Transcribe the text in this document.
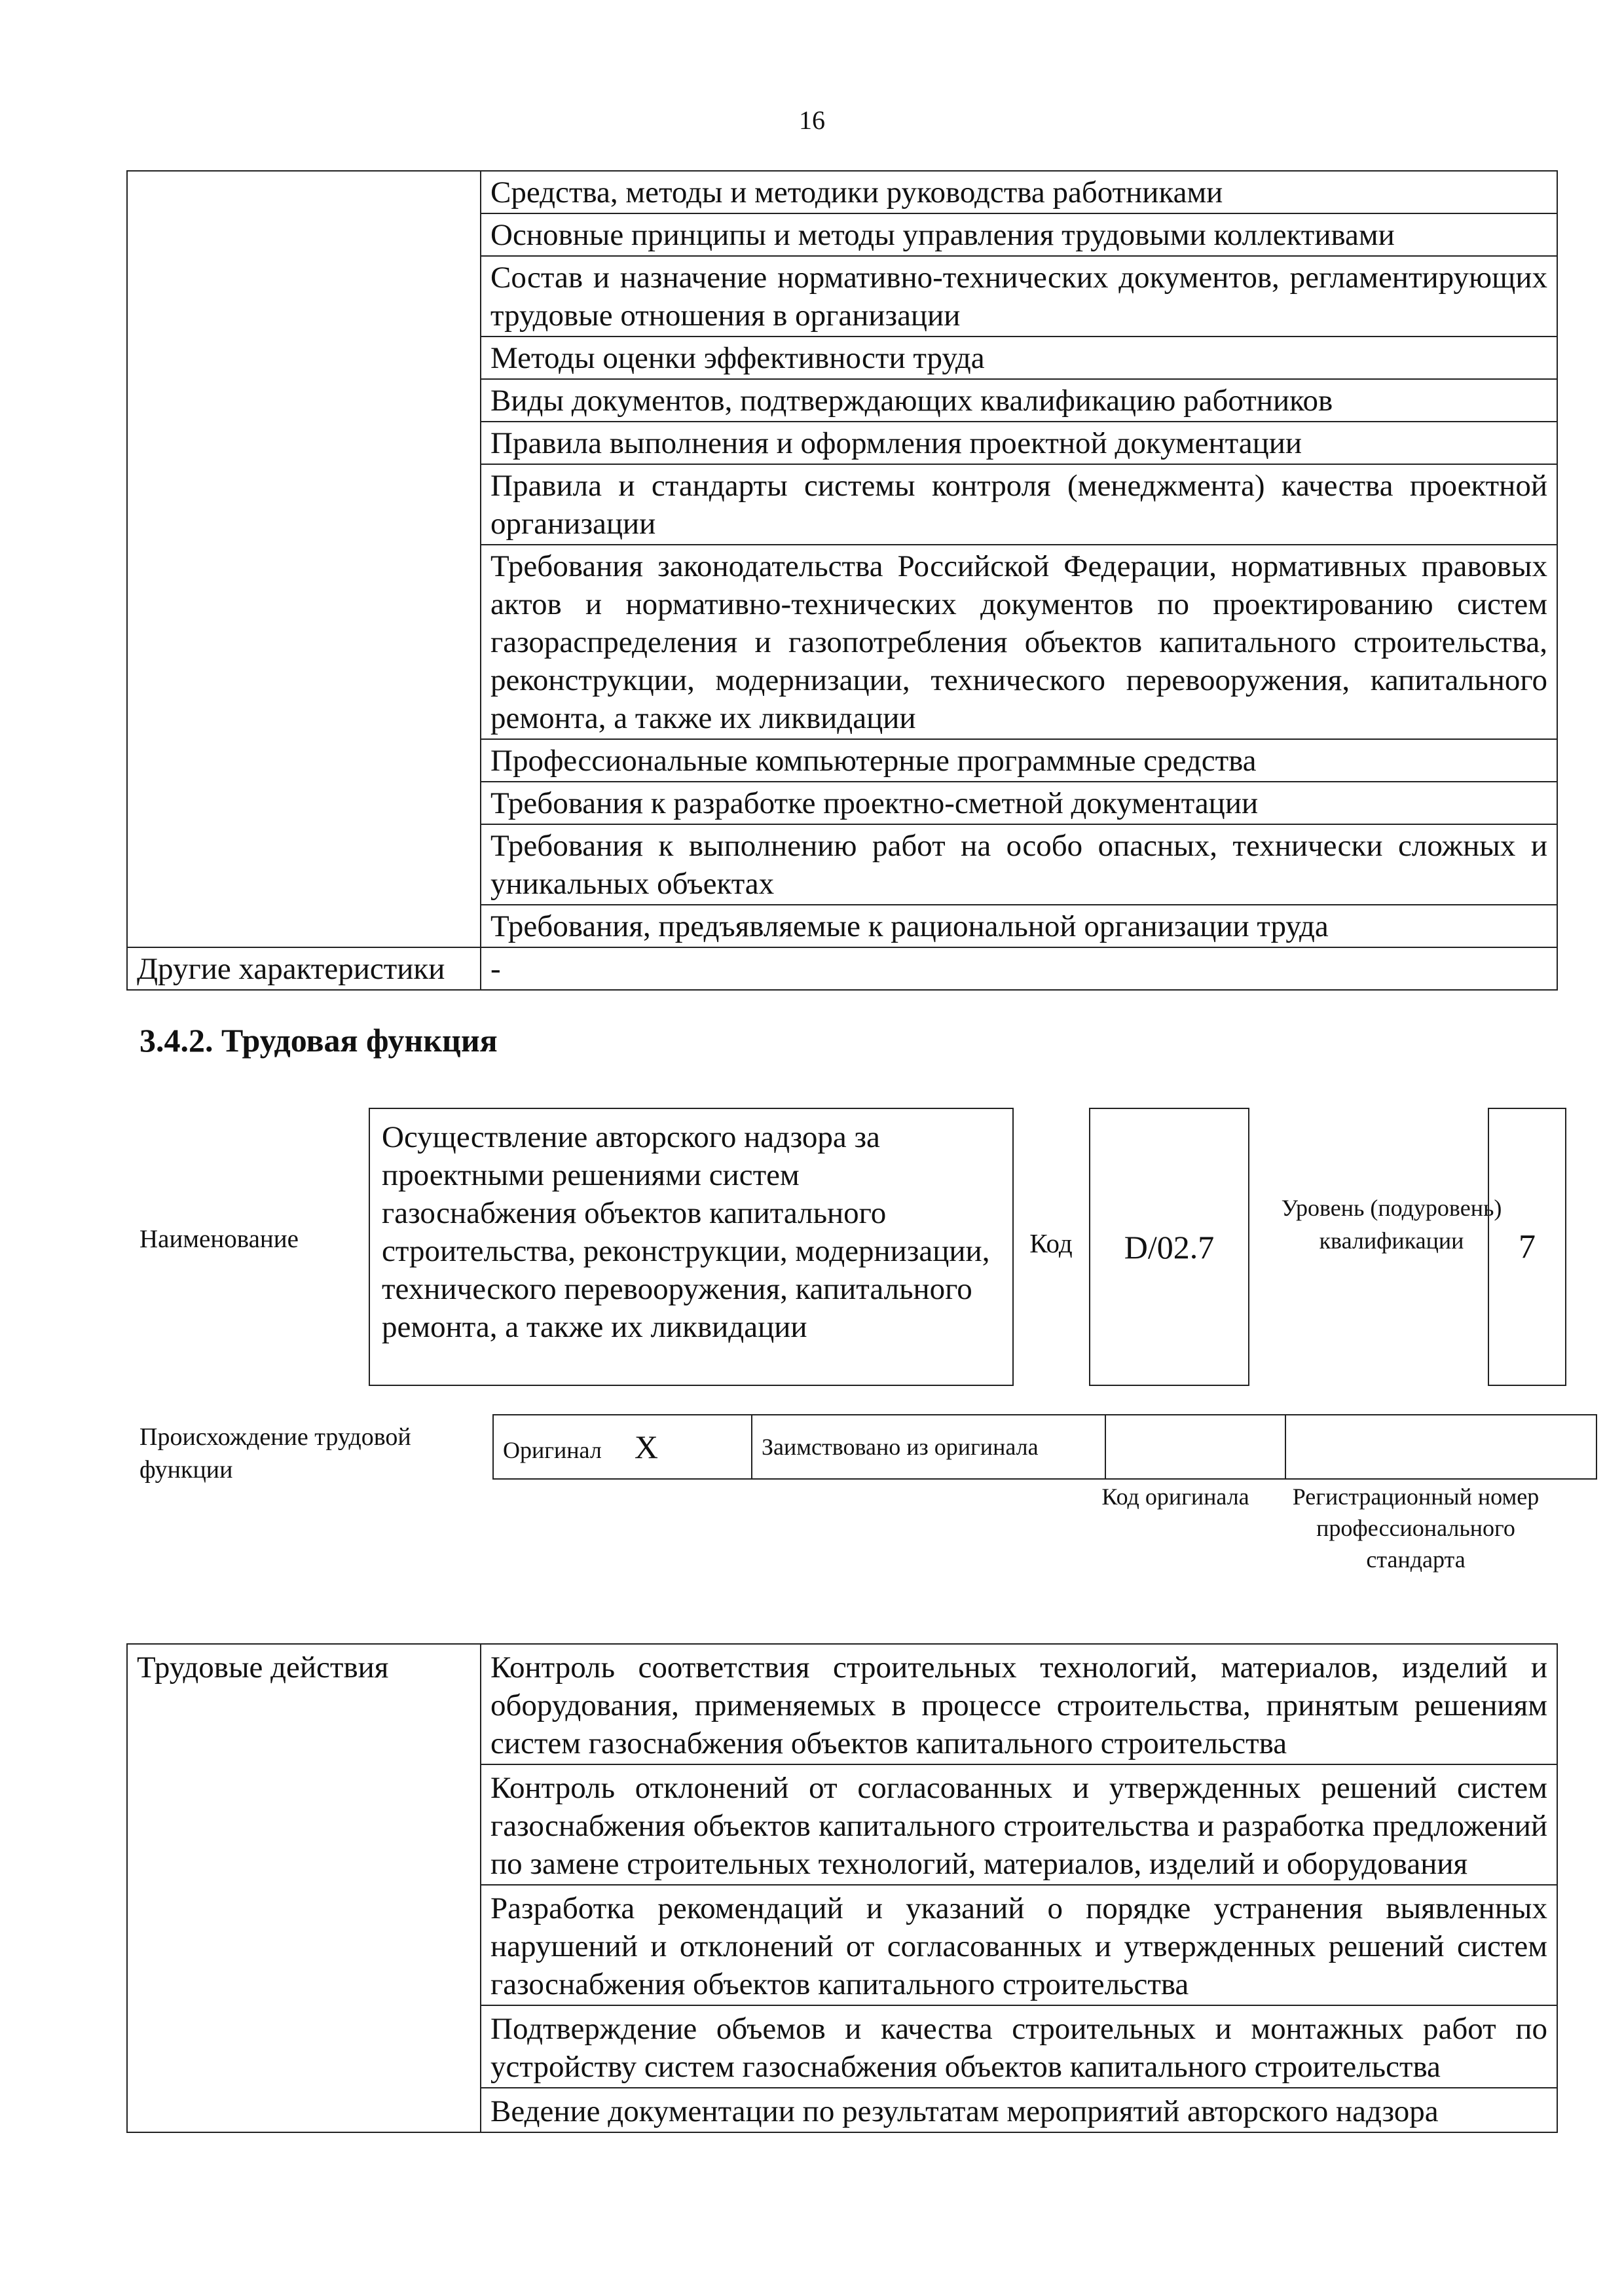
16
	Средства, методы и методики руководства работниками
	Основные принципы и методы управления трудовыми коллективами
	Состав и назначение нормативно-технических документов, регламентирующих трудовые отношения в организации
	Методы оценки эффективности труда
	Виды документов, подтверждающих квалификацию работников
	Правила выполнения и оформления проектной документации
	Правила и стандарты системы контроля (менеджмента) качества проектной организации
	Требования законодательства Российской Федерации, нормативных правовых актов и нормативно-технических документов по проектированию систем газораспределения и газопотребления объектов капитального строительства, реконструкции, модернизации, технического перевооружения, капитального ремонта, а также их ликвидации
	Профессиональные компьютерные программные средства
	Требования к разработке проектно-сметной документации
	Требования к выполнению работ на особо опасных, технически сложных и уникальных объектах
	Требования, предъявляемые к рациональной организации труда
Другие характеристики	-
3.4.2. Трудовая функция
Наименование
Осуществление авторского надзора за проектными решениями систем газоснабжения объектов капитального строительства, реконструкции, модернизации, технического перевооружения, капитального ремонта, а также их ликвидации
Код	D/02.7
Уровень (подуровень) квалификации	7
Происхождение трудовой функции
Оригинал X	Заимствовано из оригинала		
Код оригинала	Регистрационный номер профессионального стандарта
Трудовые действия	Контроль соответствия строительных технологий, материалов, изделий и оборудования, применяемых в процессе строительства, принятым решениям систем газоснабжения объектов капитального строительства
Контроль отклонений от согласованных и утвержденных решений систем газоснабжения объектов капитального строительства и разработка предложений по замене строительных технологий, материалов, изделий и оборудования
Разработка рекомендаций и указаний о порядке устранения выявленных нарушений и отклонений от согласованных и утвержденных решений систем газоснабжения объектов капитального строительства
Подтверждение объемов и качества строительных и монтажных работ по устройству систем газоснабжения объектов капитального строительства
Ведение документации по результатам мероприятий авторского надзора
